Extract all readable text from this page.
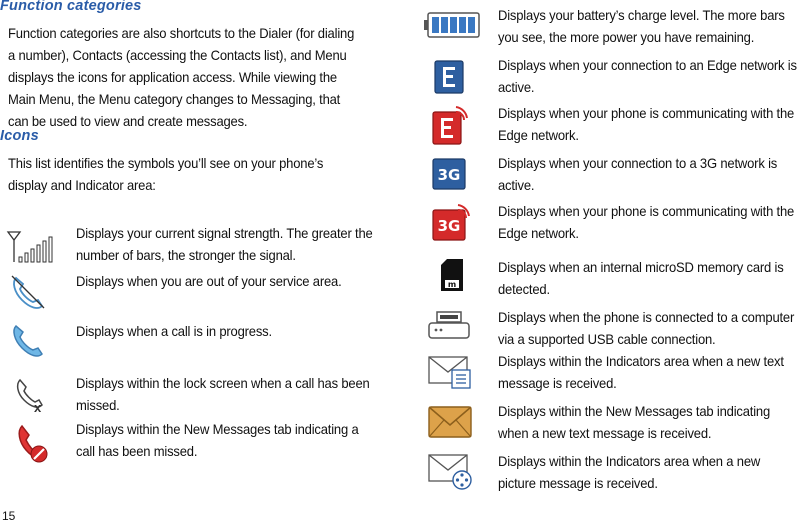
Function categories

Function categories are also shortcuts to the Dialer (for dialing a number), Contacts (accessing the Contacts list), and Menu displays the icons for application access. While viewing the Main Menu, the Menu category changes to Messaging, that can be used to view and create messages.

Icons

This list identifies the symbols you’ll see on your phone’s display and Indicator area:

Displays your current signal strength. The greater the number of bars, the stronger the signal.

Displays when you are out of your service area.

Displays when a call is in progress.

x

Displays within the lock screen when a call has been missed.

Displays within the New Messages tab indicating a call has been missed.

Displays your battery’s charge level. The more bars you see, the more power you have remaining.

Displays when your connection to an Edge network is active.

Displays when your phone is communicating with the Edge network.

3G

Displays when your connection to a 3G network is active.

3G

Displays when your phone is communicating with the Edge network.

m

Displays when an internal microSD memory card is detected.

Displays when the phone is connected to a computer via a supported USB cable connection.

Displays within the Indicators area when a new text message is received.

Displays within the New Messages tab indicating when a new text message is received.

Displays within the Indicators area when a new picture message is received.

15
